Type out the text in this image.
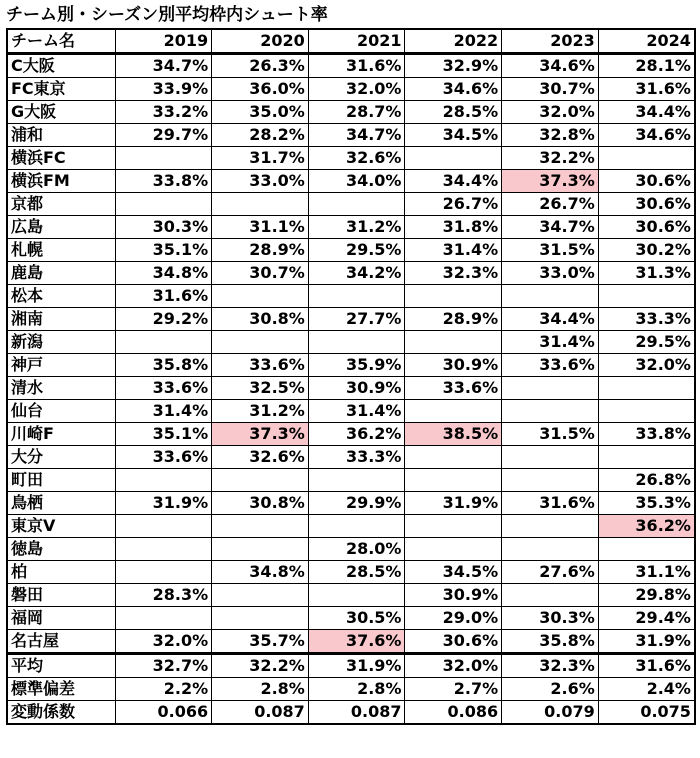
チーム別・シーズン別平均枠内シュート率
チーム名	2019	2020	2021	2022	2023	2024
C大阪	34.7%	26.3%	31.6%	32.9%	34.6%	28.1%
FC東京	33.9%	36.0%	32.0%	34.6%	30.7%	31.6%
G大阪	33.2%	35.0%	28.7%	28.5%	32.0%	34.4%
浦和	29.7%	28.2%	34.7%	34.5%	32.8%	34.6%
横浜FC		31.7%	32.6%		32.2%	
横浜FM	33.8%	33.0%	34.0%	34.4%	37.3%	30.6%
京都				26.7%	26.7%	30.6%
広島	30.3%	31.1%	31.2%	31.8%	34.7%	30.6%
札幌	35.1%	28.9%	29.5%	31.4%	31.5%	30.2%
鹿島	34.8%	30.7%	34.2%	32.3%	33.0%	31.3%
松本	31.6%					
湘南	29.2%	30.8%	27.7%	28.9%	34.4%	33.3%
新潟					31.4%	29.5%
神戸	35.8%	33.6%	35.9%	30.9%	33.6%	32.0%
清水	33.6%	32.5%	30.9%	33.6%		
仙台	31.4%	31.2%	31.4%			
川崎F	35.1%	37.3%	36.2%	38.5%	31.5%	33.8%
大分	33.6%	32.6%	33.3%			
町田						26.8%
鳥栖	31.9%	30.8%	29.9%	31.9%	31.6%	35.3%
東京V						36.2%
徳島			28.0%			
柏		34.8%	28.5%	34.5%	27.6%	31.1%
磐田	28.3%			30.9%		29.8%
福岡			30.5%	29.0%	30.3%	29.4%
名古屋	32.0%	35.7%	37.6%	30.6%	35.8%	31.9%
平均	32.7%	32.2%	31.9%	32.0%	32.3%	31.6%
標準偏差	2.2%	2.8%	2.8%	2.7%	2.6%	2.4%
変動係数	0.066	0.087	0.087	0.086	0.079	0.075
